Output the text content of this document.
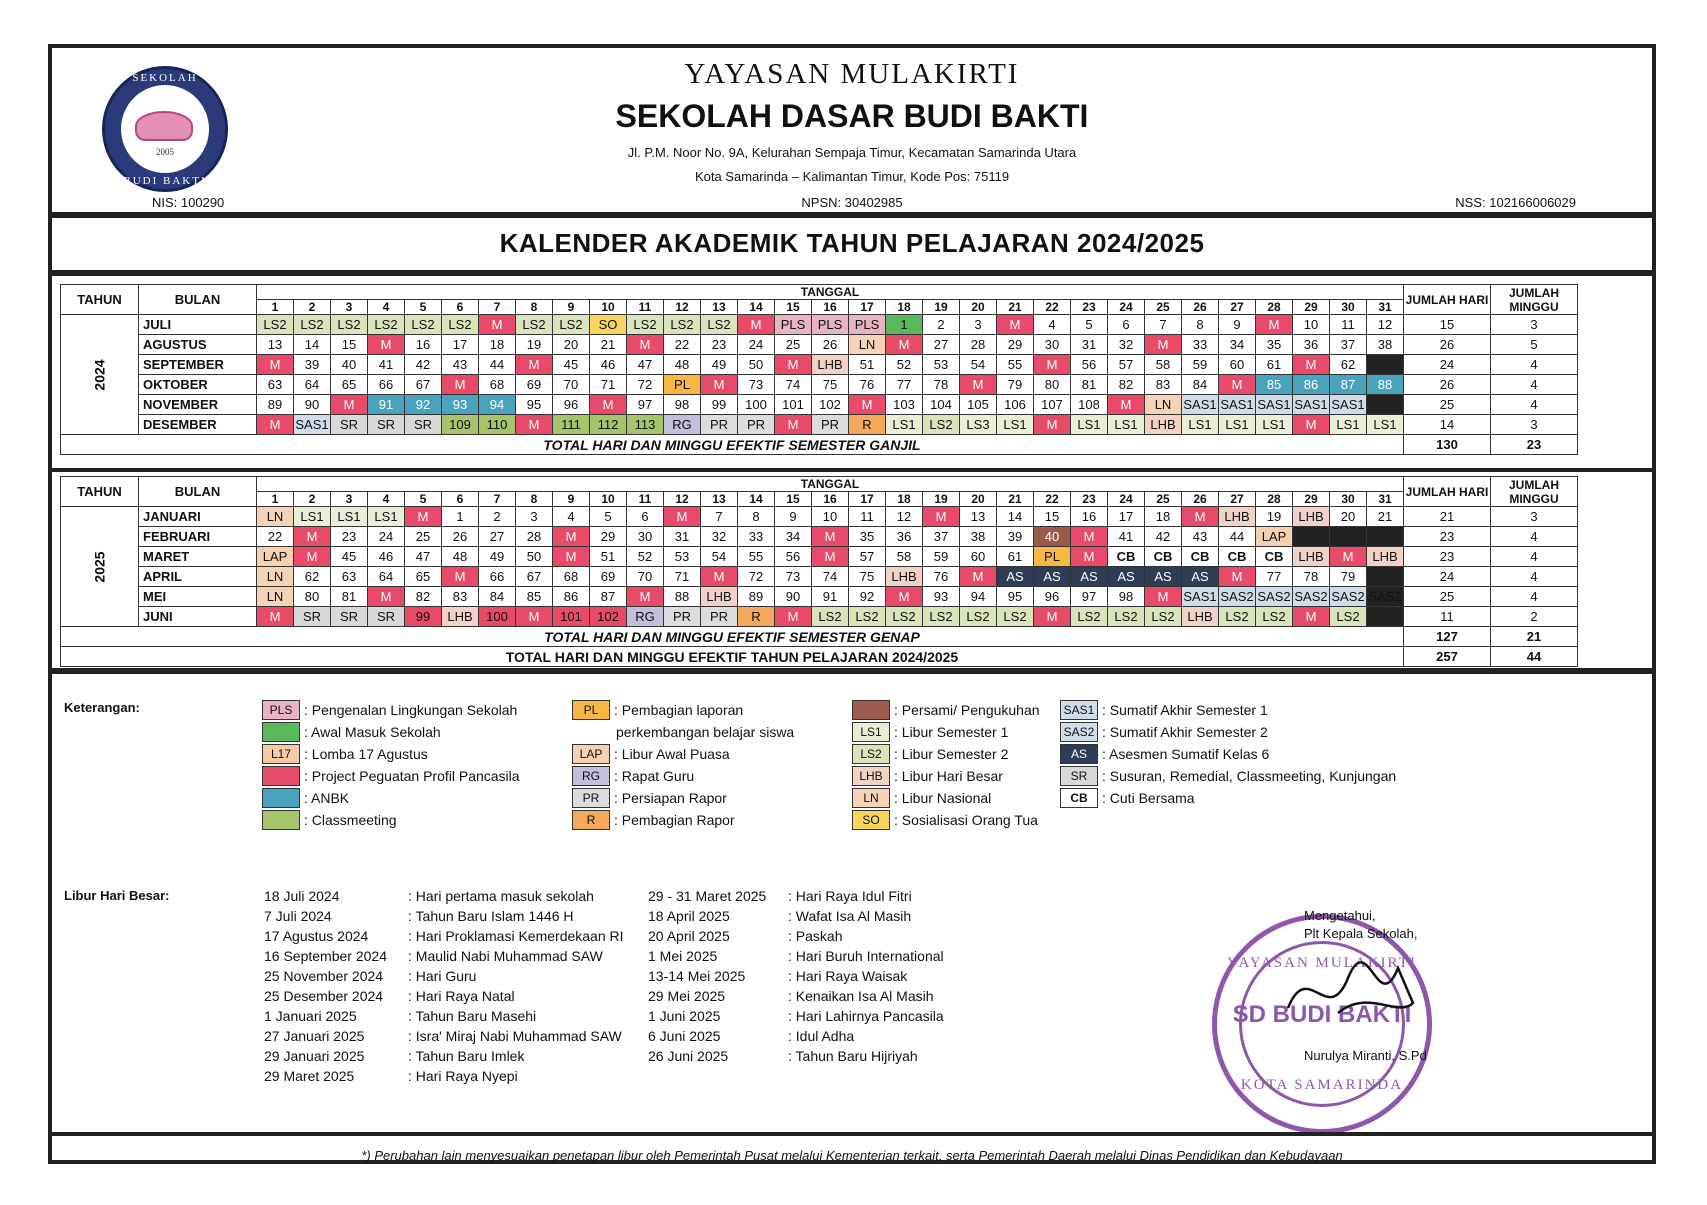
SEKOLAH
2005
BUDI BAKTI
YAYASAN MULAKIRTI
SEKOLAH DASAR BUDI BAKTI
Jl. P.M. Noor No. 9A, Kelurahan Sempaja Timur, Kecamatan Samarinda Utara
Kota Samarinda – Kalimantan Timur, Kode Pos: 75119
NIS: 100290	NPSN: 30402985	NSS: 102166006029
KALENDER AKADEMIK TAHUN PELAJARAN 2024/2025
TAHUN	BULAN	TANGGAL																															JUMLAH HARI	JUMLAH MINGGU
		1	2	3	4	5	6	7	8	9	10	11	12	13	14	15	16	17	18	19	20	21	22	23	24	25	26	27	28	29	30	31		
2024	JULI	LS2	LS2	LS2	LS2	LS2	LS2	M	LS2	LS2	SO	LS2	LS2	LS2	M	PLS	PLS	PLS	1	2	3	M	4	5	6	7	8	9	M	10	11	12	15	3
	AGUSTUS	13	14	15	M	16	17	18	19	20	21	M	22	23	24	25	26	LN	M	27	28	29	30	31	32	M	33	34	35	36	37	38	26	5
	SEPTEMBER	M	39	40	41	42	43	44	M	45	46	47	48	49	50	M	LHB	51	52	53	54	55	M	56	57	58	59	60	61	M	62		24	4
	OKTOBER	63	64	65	66	67	M	68	69	70	71	72	PL	M	73	74	75	76	77	78	M	79	80	81	82	83	84	M	85	86	87	88	26	4
	NOVEMBER	89	90	M	91	92	93	94	95	96	M	97	98	99	100	101	102	M	103	104	105	106	107	108	M	LN	SAS1	SAS1	SAS1	SAS1	SAS1		25	4
	DESEMBER	M	SAS1	SR	SR	SR	109	110	M	111	112	113	RG	PR	PR	M	PR	R	LS1	LS2	LS3	LS1	M	LS1	LS1	LHB	LS1	LS1	LS1	M	LS1	LS1	14	3
TOTAL HARI DAN MINGGU EFEKTIF SEMESTER GANJIL																																	130	23
TAHUN	BULAN	TANGGAL																															JUMLAH HARI	JUMLAH MINGGU
		1	2	3	4	5	6	7	8	9	10	11	12	13	14	15	16	17	18	19	20	21	22	23	24	25	26	27	28	29	30	31		
2025	JANUARI	LN	LS1	LS1	LS1	M	1	2	3	4	5	6	M	7	8	9	10	11	12	M	13	14	15	16	17	18	M	LHB	19	LHB	20	21	21	3
	FEBRUARI	22	M	23	24	25	26	27	28	M	29	30	31	32	33	34	M	35	36	37	38	39	40	M	41	42	43	44	LAP				23	4
	MARET	LAP	M	45	46	47	48	49	50	M	51	52	53	54	55	56	M	57	58	59	60	61	PL	M	CB	CB	CB	CB	CB	LHB	M	LHB	23	4
	APRIL	LN	62	63	64	65	M	66	67	68	69	70	71	M	72	73	74	75	LHB	76	M	AS	AS	AS	AS	AS	AS	M	77	78	79		24	4
	MEI	LN	80	81	M	82	83	84	85	86	87	M	88	LHB	89	90	91	92	M	93	94	95	96	97	98	M	SAS1	SAS2	SAS2	SAS2	SAS2	SAS2	25	4
	JUNI	M	SR	SR	SR	99	LHB	100	M	101	102	RG	PR	PR	R	M	LS2	LS2	LS2	LS2	LS2	LS2	M	LS2	LS2	LS2	LHB	LS2	LS2	M	LS2		11	2
TOTAL HARI DAN MINGGU EFEKTIF SEMESTER GENAP																																	127	21
TOTAL HARI DAN MINGGU EFEKTIF TAHUN PELAJARAN 2024/2025																																	257	44
Keterangan:	PLS : Pengenalan Lingkungan Sekolah
: Awal Masuk Sekolah
L17 : Lomba 17 Agustus
: Project Peguatan Profil Pancasila
: ANBK
: Classmeeting
PL	: Pembagian laporan
perkembangan belajar siswa
LAP : Libur Awal Puasa
RG	: Rapat Guru
PR	: Persiapan Rapor
R	: Pembagian Rapor
: Persami/ Pengukuhan
LS1 : Libur Semester 1
LS2 : Libur Semester 2
LHB : Libur Hari Besar
LN	: Libur Nasional
SO	: Sosialisasi Orang Tua
SAS1 : Sumatif Akhir Semester 1
SAS2 : Sumatif Akhir Semester 2
AS	: Asesmen Sumatif Kelas 6
SR	: Susuran, Remedial, Classmeeting, Kunjungan
CB	: Cuti Bersama
Libur Hari Besar:	18 Juli 2024	: Hari pertama masuk sekolah
7 Juli 2024	: Tahun Baru Islam 1446 H
17 Agustus 2024	: Hari Proklamasi Kemerdekaan RI
16 September 2024 : Maulid Nabi Muhammad SAW
25 November 2024 : Hari Guru
25 Desember 2024 : Hari Raya Natal
1 Januari 2025	: Tahun Baru Masehi
27 Januari 2025	: Isra' Miraj Nabi Muhammad SAW
29 Januari 2025	: Tahun Baru Imlek
29 Maret 2025	: Hari Raya Nyepi
29 - 31 Maret 2025 : Hari Raya Idul Fitri
18 April 2025	: Wafat Isa Al Masih
20 April 2025	: Paskah
1 Mei 2025	: Hari Buruh International
13-14 Mei 2025	: Hari Raya Waisak
29 Mei 2025	: Kenaikan Isa Al Masih
1 Juni 2025	: Hari Lahirnya Pancasila
6 Juni 2025	: Idul Adha
26 Juni 2025	: Tahun Baru Hijriyah
YAYASAN MULAKIRTI
SD BUDI BAKTI
KOTA SAMARINDA
Mengetahui,
Plt Kepala Sekolah,
Nurulya Miranti, S.Pd
*) Perubahan lain menyesuaikan penetapan libur oleh Pemerintah Pusat melalui Kementerian terkait, serta Pemerintah Daerah melalui Dinas Pendidikan dan Kebudayaan
